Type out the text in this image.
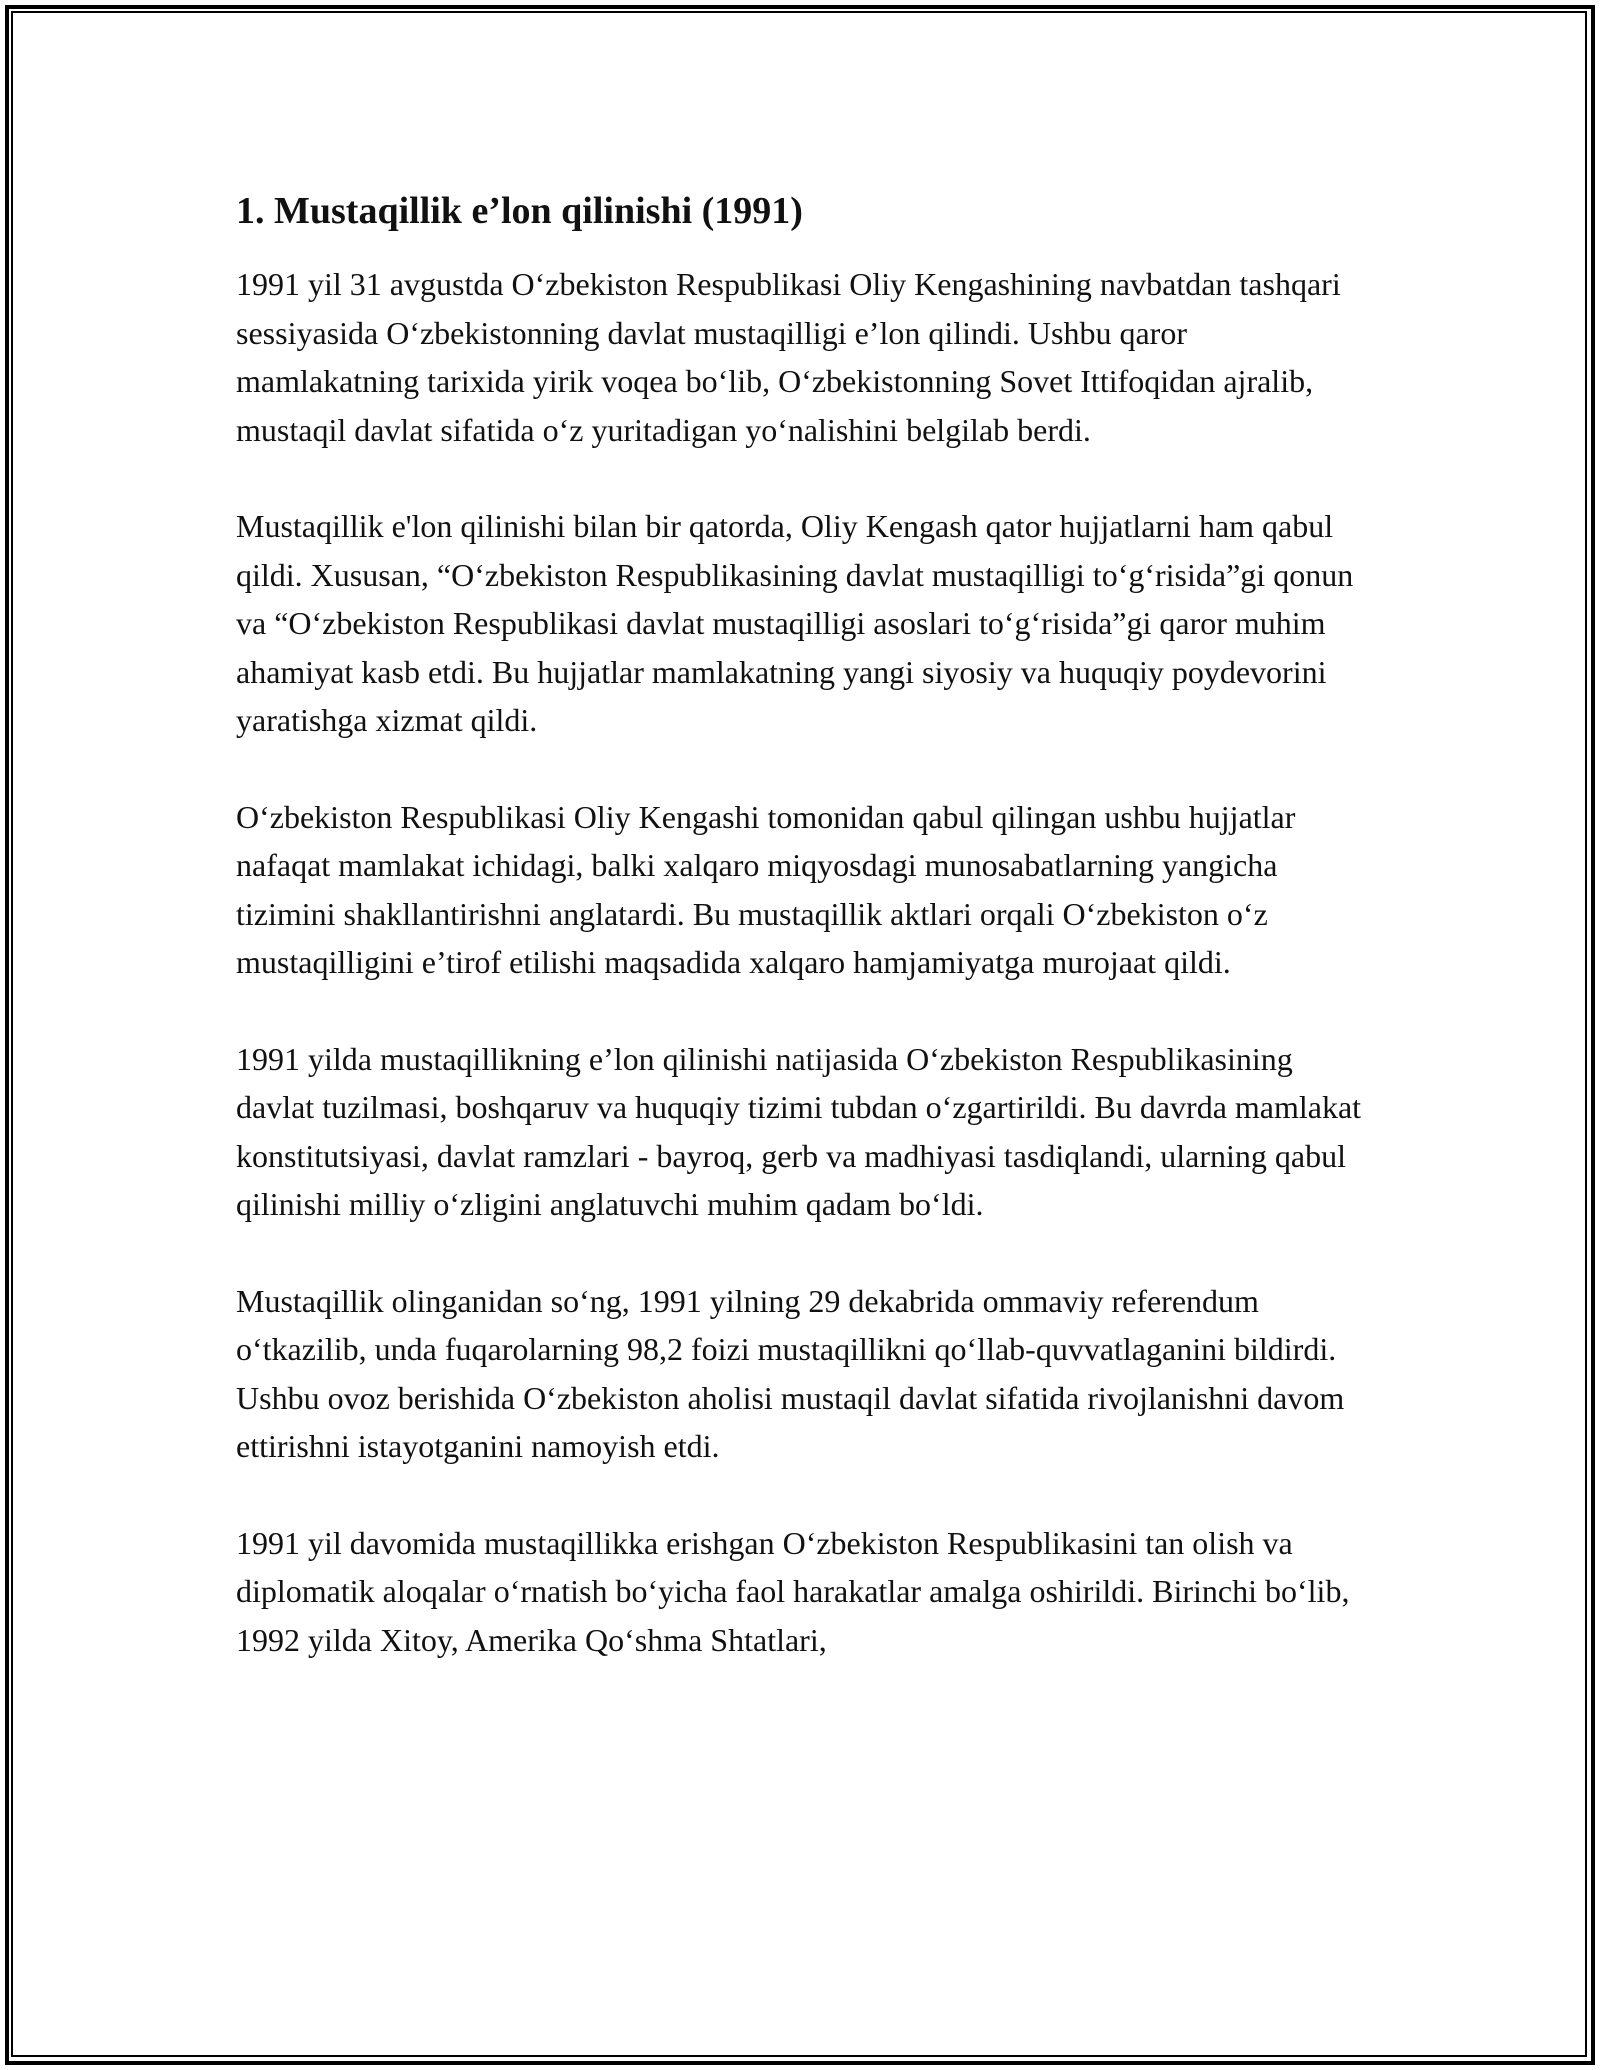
1. Mustaqillik e’lon qilinishi (1991)

1991 yil 31 avgustda O‘zbekiston Respublikasi Oliy Kengashining navbatdan tashqari sessiyasida O‘zbekistonning davlat mustaqilligi e’lon qilindi. Ushbu qaror mamlakatning tarixida yirik voqea bo‘lib, O‘zbekistonning Sovet Ittifoqidan ajralib, mustaqil davlat sifatida o‘z yuritadigan yo‘nalishini belgilab berdi.

Mustaqillik e'lon qilinishi bilan bir qatorda, Oliy Kengash qator hujjatlarni ham qabul qildi. Xususan, “O‘zbekiston Respublikasining davlat mustaqilligi to‘g‘risida”gi qonun va “O‘zbekiston Respublikasi davlat mustaqilligi asoslari to‘g‘risida”gi qaror muhim ahamiyat kasb etdi. Bu hujjatlar mamlakatning yangi siyosiy va huquqiy poydevorini yaratishga xizmat qildi.

O‘zbekiston Respublikasi Oliy Kengashi tomonidan qabul qilingan ushbu hujjatlar nafaqat mamlakat ichidagi, balki xalqaro miqyosdagi munosabatlarning yangicha tizimini shakllantirishni anglatardi. Bu mustaqillik aktlari orqali O‘zbekiston o‘z mustaqilligini e’tirof etilishi maqsadida xalqaro hamjamiyatga murojaat qildi.

1991 yilda mustaqillikning e’lon qilinishi natijasida O‘zbekiston Respublikasining davlat tuzilmasi, boshqaruv va huquqiy tizimi tubdan o‘zgartirildi. Bu davrda mamlakat konstitutsiyasi, davlat ramzlari - bayroq, gerb va madhiyasi tasdiqlandi, ularning qabul qilinishi milliy o‘zligini anglatuvchi muhim qadam bo‘ldi.

Mustaqillik olinganidan so‘ng, 1991 yilning 29 dekabrida ommaviy referendum o‘tkazilib, unda fuqarolarning 98,2 foizi mustaqillikni qo‘llab-quvvatlaganini bildirdi. Ushbu ovoz berishida O‘zbekiston aholisi mustaqil davlat sifatida rivojlanishni davom ettirishni istayotganini namoyish etdi.

1991 yil davomida mustaqillikka erishgan O‘zbekiston Respublikasini tan olish va diplomatik aloqalar o‘rnatish bo‘yicha faol harakatlar amalga oshirildi. Birinchi bo‘lib, 1992 yilda Xitoy, Amerika Qo‘shma Shtatlari,
